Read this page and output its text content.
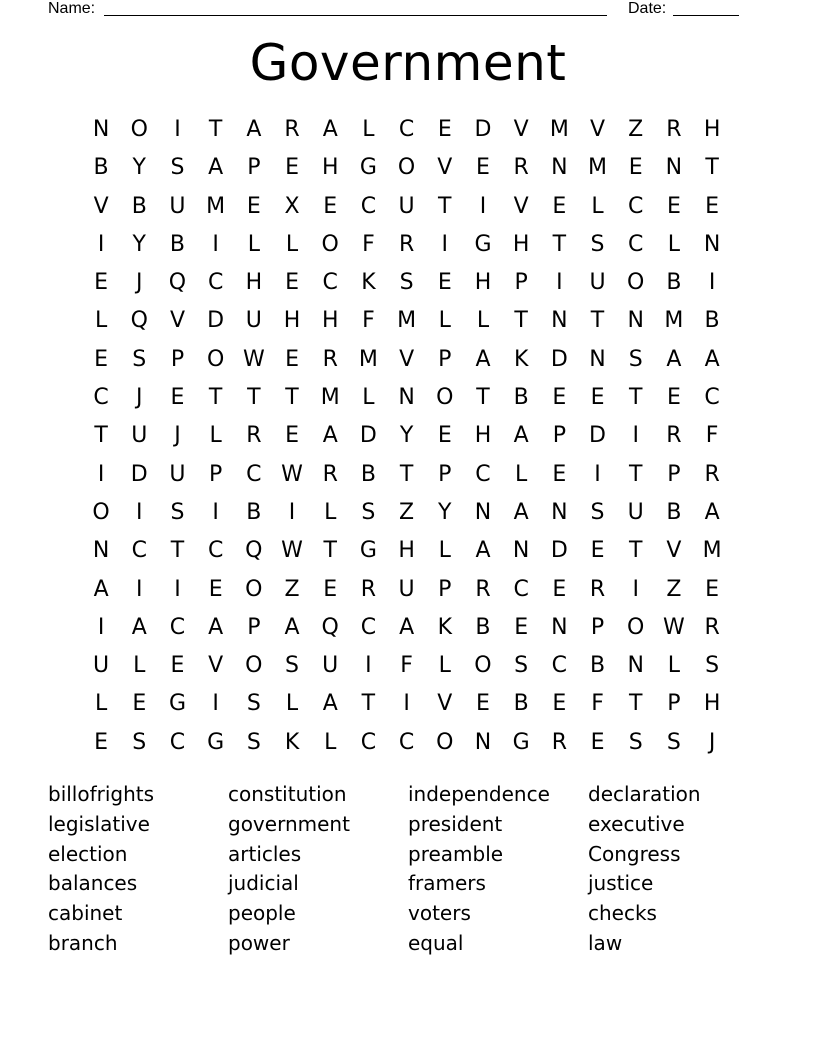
Name:	Date:
Government
N O	I	T	A	R	A	L	C	E	D	V M V	Z	R	H
B	Y	S	A	P	E	H G O	V	E	R	N M E	N	T
V	B	U M E	X	E	C	U	T	I	V	E	L	C	E	E
I	Y	B	I	L	L	O	F	R	I	G H	T	S	C	L	N
E	J	Q C	H	E	C	K	S	E	H	P	I	U O B	I
L	Q	V	D U H H	F	M	L	L	T	N	T	N M B
E	S	P	O W E	R M V	P	A	K	D N	S	A	A
C	J	E	T	T	T M	L	N O	T	B	E	E	T	E	C
T	U	J	L	R	E	A	D	Y	E	H	A	P	D	I	R	F
I	D U	P	C W R	B	T	P	C	L	E	I	T	P	R
O	I	S	I	B	I	L	S	Z	Y	N	A	N	S	U	B	A
N	C	T	C Q W T	G H	L	A	N D	E	T	V M
A	I	I	E	O Z	E	R	U	P	R	C	E	R	I	Z	E
I	A	C	A	P	A Q C	A	K	B	E	N	P	O W R
U	L	E	V O	S	U	I	F	L	O	S	C	B	N	L	S
L	E	G	I	S	L	A	T	I	V	E	B	E	F	T	P	H
E	S	C G	S	K	L	C	C O N G	R	E	S	S	J
billofrights	constitution	independence	declaration
legislative	government	president	executive
election	articles	preamble	Congress
balances	judicial	framers	justice
cabinet	people	voters	checks
branch	power	equal	law
